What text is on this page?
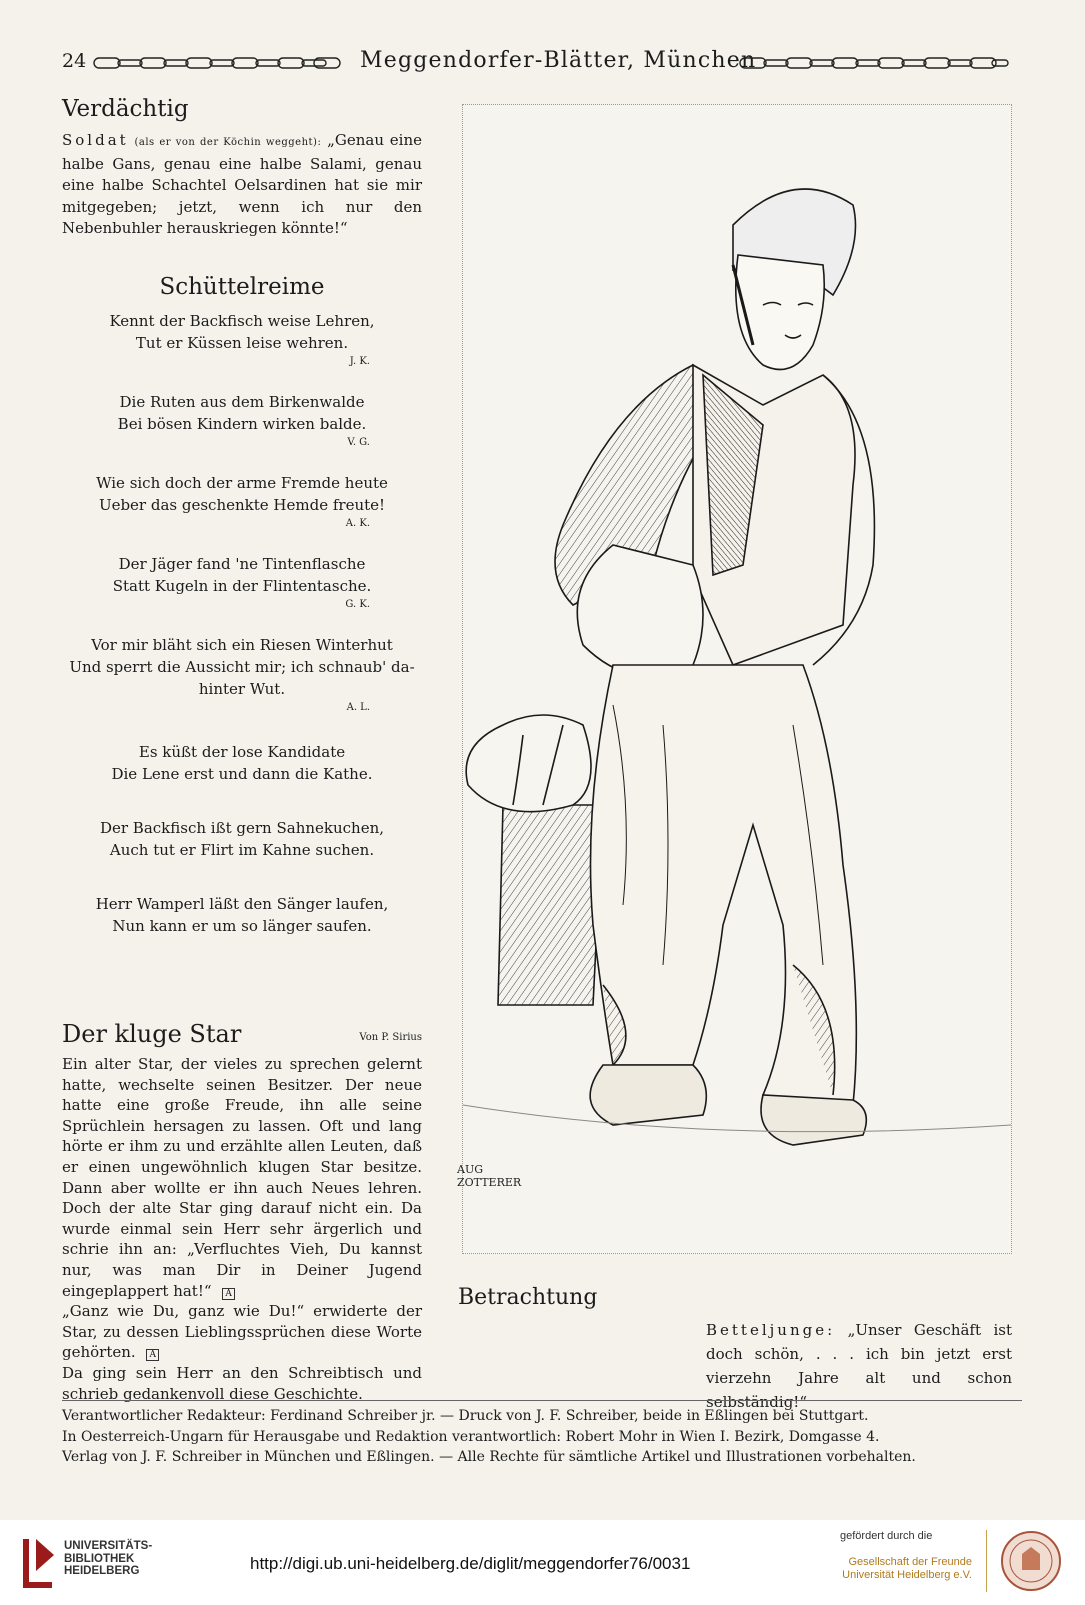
24	Meggendorfer-Blätter, München
Verdächtig
Soldat (als er von der Köchin weggeht): „Genau eine halbe Gans, genau eine halbe Salami, genau eine halbe Schachtel Oelsardinen hat sie mir mitgegeben; jetzt, wenn ich nur den Nebenbuhler herauskriegen könnte!“
Schüttelreime
Kennt der Backfisch weise Lehren,
Tut er Küssen leise wehren.
J. K.
Die Ruten aus dem Birkenwalde
Bei bösen Kindern wirken balde.
V. G.
Wie sich doch der arme Fremde heute
Ueber das geschenkte Hemde freute!
A. K.
Der Jäger fand 'ne Tintenflasche
Statt Kugeln in der Flintentasche.
G. K.
Vor mir bläht sich ein Riesen Winterhut
Und sperrt die Aussicht mir; ich schnaub' da-
hinter Wut.
A. L.
Es küßt der lose Kandidate
Die Lene erst und dann die Kathe.
Der Backfisch ißt gern Sahnekuchen,
Auch tut er Flirt im Kahne suchen.
Herr Wamperl läßt den Sänger laufen,
Nun kann er um so länger saufen.
Der kluge Star	Von P. Sirius
Ein alter Star, der vieles zu sprechen gelernt hatte, wechselte seinen Besitzer. Der neue hatte eine große Freude, ihn alle seine Sprüchlein hersagen zu lassen. Oft und lang hörte er ihm zu und erzählte allen Leuten, daß er einen ungewöhnlich klugen Star besitze. Dann aber wollte er ihn auch Neues lehren. Doch der alte Star ging darauf nicht ein. Da wurde einmal sein Herr sehr ärgerlich und schrie ihn an: „Verfluchtes Vieh, Du kannst nur, was man Dir in Deiner Jugend eingeplappert hat!“ A
„Ganz wie Du, ganz wie Du!“ erwiderte der Star, zu dessen Lieblingssprüchen diese Worte gehörten. A
Da ging sein Herr an den Schreibtisch und schrieb gedankenvoll diese Geschichte.
AUG
ZOTTERER
Betrachtung
Betteljunge: „Unser Geschäft ist doch schön, . . . ich bin jetzt erst vierzehn Jahre alt und schon selbständig!“
Verantwortlicher Redakteur: Ferdinand Schreiber jr. — Druck von J. F. Schreiber, beide in Eßlingen bei Stuttgart.
In Oesterreich-Ungarn für Herausgabe und Redaktion verantwortlich: Robert Mohr in Wien I. Bezirk, Domgasse 4.
Verlag von J. F. Schreiber in München und Eßlingen. — Alle Rechte für sämtliche Artikel und Illustrationen vorbehalten.
UNIVERSITÄTS-
BIBLIOTHEK
HEIDELBERG	http://digi.ub.uni-heidelberg.de/diglit/meggendorfer76/0031
gefördert durch die
Gesellschaft der Freunde
Universität Heidelberg e.V.
